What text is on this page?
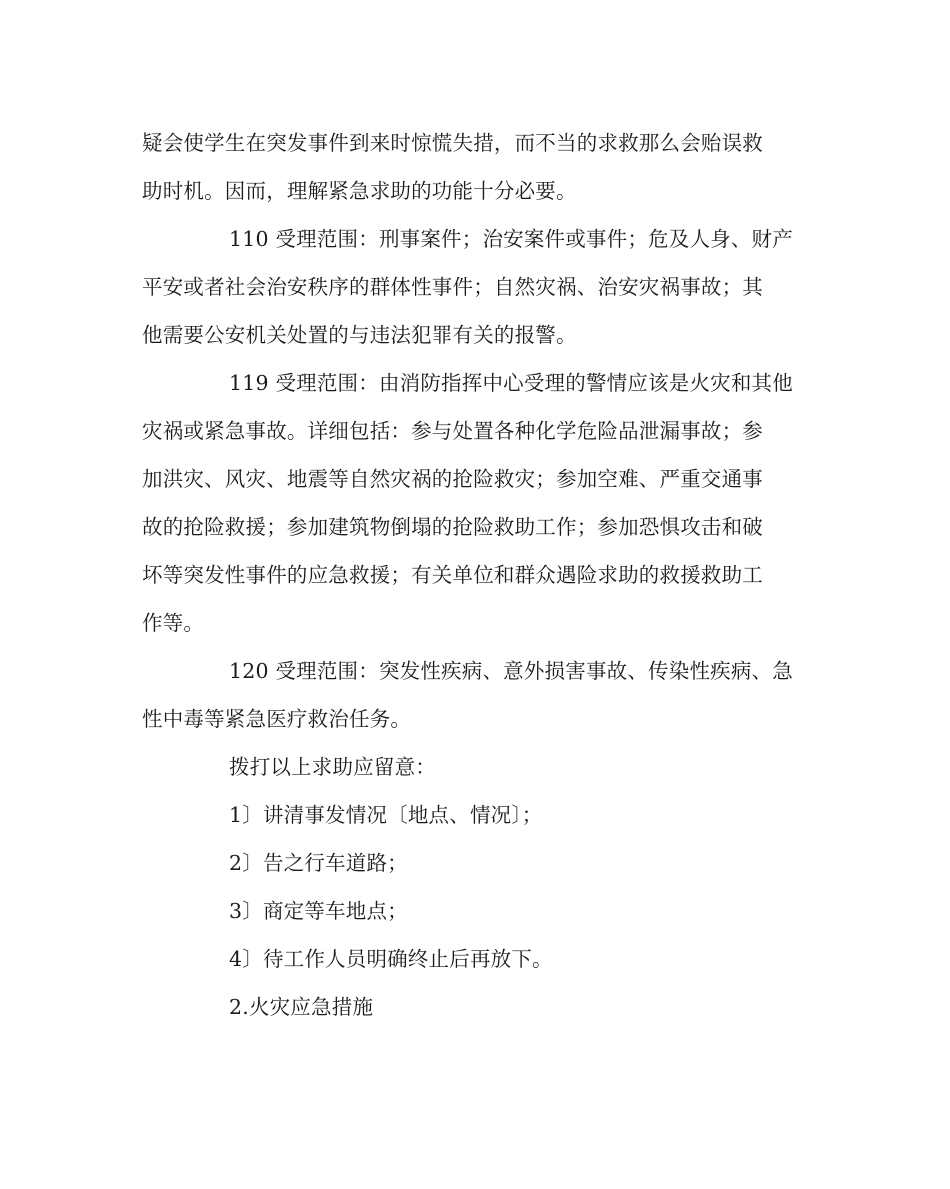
疑会使学生在突发事件到来时惊慌失措，而不当的求救那么会贻误救
助时机。因而，理解紧急求助的功能十分必要。
110 受理范围：刑事案件；治安案件或事件；危及人身、财产
平安或者社会治安秩序的群体性事件；自然灾祸、治安灾祸事故；其
他需要公安机关处置的与违法犯罪有关的报警。
119 受理范围：由消防指挥中心受理的警情应该是火灾和其他
灾祸或紧急事故。详细包括：参与处置各种化学危险品泄漏事故；参
加洪灾、风灾、地震等自然灾祸的抢险救灾；参加空难、严重交通事
故的抢险救援；参加建筑物倒塌的抢险救助工作；参加恐惧攻击和破
坏等突发性事件的应急救援；有关单位和群众遇险求助的救援救助工
作等。
120 受理范围：突发性疾病、意外损害事故、传染性疾病、急
性中毒等紧急医疗救治任务。
拨打以上求助应留意：
1〕讲清事发情况〔地点、情况〕；
2〕告之行车道路；
3〕商定等车地点；
4〕待工作人员明确终止后再放下。
2.火灾应急措施
